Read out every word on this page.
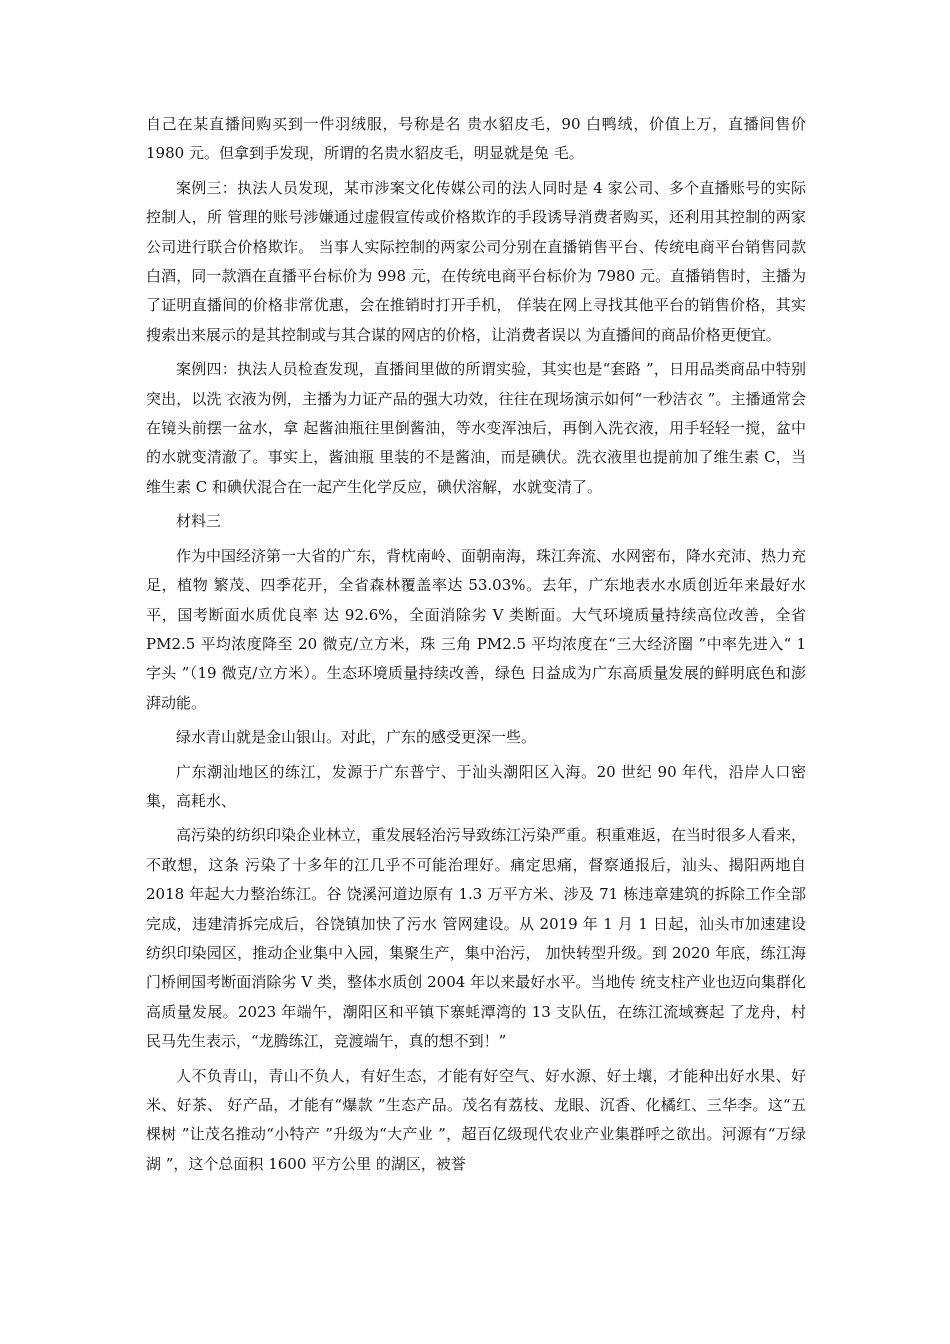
自己在某直播间购买到一件羽绒服，号称是名 贵水貂皮毛，90 白鸭绒，价值上万，直播间售价 1980 元。但拿到手发现，所谓的名贵水貂皮毛，明显就是兔 毛。

案例三：执法人员发现，某市涉案文化传媒公司的法人同时是 4 家公司、多个直播账号的实际控制人，所 管理的账号涉嫌通过虚假宣传或价格欺诈的手段诱导消费者购买，还利用其控制的两家公司进行联合价格欺诈。 当事人实际控制的两家公司分别在直播销售平台、传统电商平台销售同款白酒，同一款酒在直播平台标价为 998 元，在传统电商平台标价为 7980 元。直播销售时，主播为了证明直播间的价格非常优惠，会在推销时打开手机， 佯装在网上寻找其他平台的销售价格，其实搜索出来展示的是其控制或与其合谋的网店的价格，让消费者误以 为直播间的商品价格更便宜。

案例四：执法人员检查发现，直播间里做的所谓实验，其实也是“套路 ”，日用品类商品中特别突出，以洗 衣液为例，主播为力证产品的强大功效，往往在现场演示如何“一秒洁衣 ”。主播通常会在镜头前摆一盆水，拿 起酱油瓶往里倒酱油，等水变浑浊后，再倒入洗衣液，用手轻轻一搅，盆中的水就变清澈了。事实上，酱油瓶 里装的不是酱油，而是碘伏。洗衣液里也提前加了维生素 C，当维生素 C 和碘伏混合在一起产生化学反应，碘伏溶解，水就变清了。

材料三

作为中国经济第一大省的广东，背枕南岭、面朝南海，珠江奔流、水网密布，降水充沛、热力充足，植物 繁茂、四季花开，全省森林覆盖率达 53.03%。去年，广东地表水水质创近年来最好水平，国考断面水质优良率 达 92.6%，全面消除劣 V 类断面。大气环境质量持续高位改善，全省 PM2.5 平均浓度降至 20 微克/立方米，珠 三角 PM2.5 平均浓度在“三大经济圈 ”中率先进入“ 1 字头 ”（19 微克/立方米）。生态环境质量持续改善，绿色 日益成为广东高质量发展的鲜明底色和澎湃动能。

绿水青山就是金山银山。对此，广东的感受更深一些。

广东潮汕地区的练江，发源于广东普宁、于汕头潮阳区入海。20 世纪 90 年代，沿岸人口密集，高耗水、

高污染的纺织印染企业林立，重发展轻治污导致练江污染严重。积重难返，在当时很多人看来，不敢想，这条 污染了十多年的江几乎不可能治理好。痛定思痛，督察通报后，汕头、揭阳两地自 2018 年起大力整治练江。谷 饶溪河道边原有 1.3 万平方米、涉及 71 栋违章建筑的拆除工作全部完成，违建清拆完成后，谷饶镇加快了污水 管网建设。从 2019 年 1 月 1 日起，汕头市加速建设纺织印染园区，推动企业集中入园，集聚生产，集中治污， 加快转型升级。到 2020 年底，练江海门桥闸国考断面消除劣 V 类，整体水质创 2004 年以来最好水平。当地传 统支柱产业也迈向集群化高质量发展。2023 年端午，潮阳区和平镇下寨蚝潭湾的 13 支队伍，在练江流域赛起 了龙舟，村民马先生表示，“龙腾练江，竞渡端午，真的想不到！”

人不负青山，青山不负人，有好生态，才能有好空气、好水源、好土壤，才能种出好水果、好米、好茶、 好产品，才能有“爆款 ”生态产品。茂名有荔枝、龙眼、沉香、化橘红、三华李。这“五棵树 ”让茂名推动“小特产 ”升级为“大产业 ”，超百亿级现代农业产业集群呼之欲出。河源有“万绿湖 ”，这个总面积 1600 平方公里 的湖区，被誉
